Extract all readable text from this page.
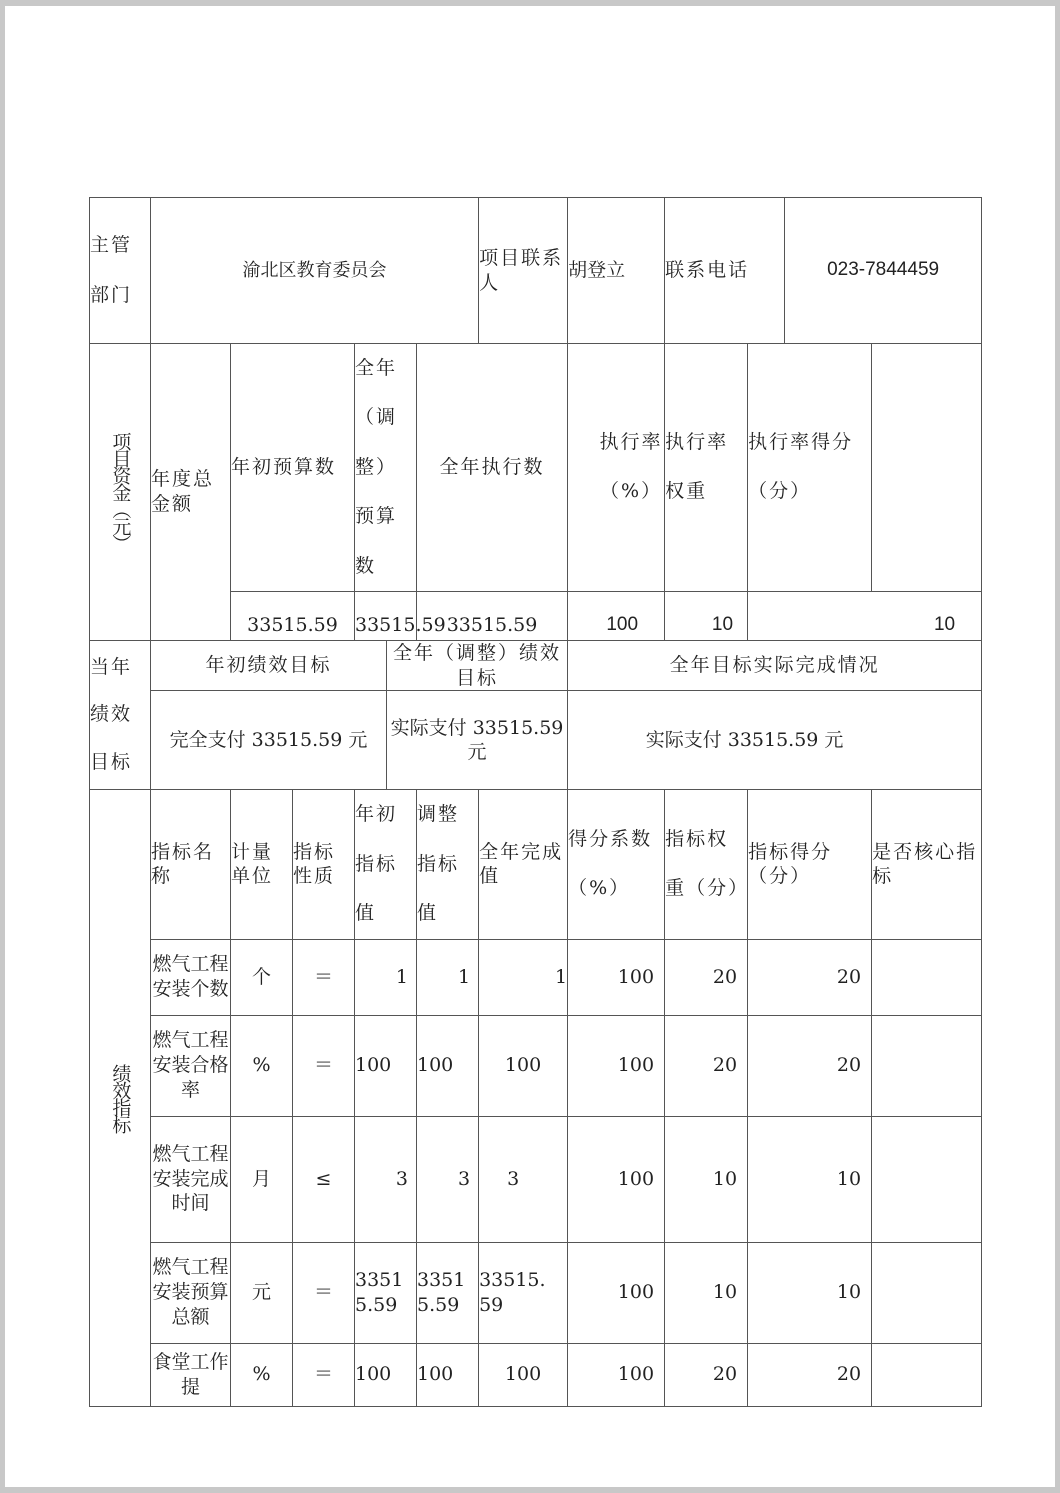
主管部门	渝北区教育委员会						项目联系人	胡登立	联系电话		023-7844459	

项目资金（元）	年度总金额	年初预算数		全年（调整）预算数		全年执行数		执行率（%）	执行率权重	执行率得分（分）		
		33515.59		33515.59		33515.59		100	10	10		
当年绩效目标	年初绩效目标				全年（调整）绩效目标			全年目标实际完成情况				
	完全支付 33515.59 元				实际支付 33515.59 元			实际支付 33515.59 元				

绩效指标	指标名称	计量单位	指标性质	年初指标值		调整指标值	全年完成值	得分系数（%）	指标权重（分）	指标得分（分）		是否核心指标
	燃气工程安装个数	个	＝	1		1	1	100	20	20		
	燃气工程安装合格率	%	＝	100		100	100	100	20	20		
	燃气工程安装完成时间	月	≤	3		3	3	100	10	10		
	燃气工程安装预算总额	元	＝	33515.59		33515.59	33515.59	100	10	10		
	食堂工作提	%	＝	100		100	100	100	20	20		
